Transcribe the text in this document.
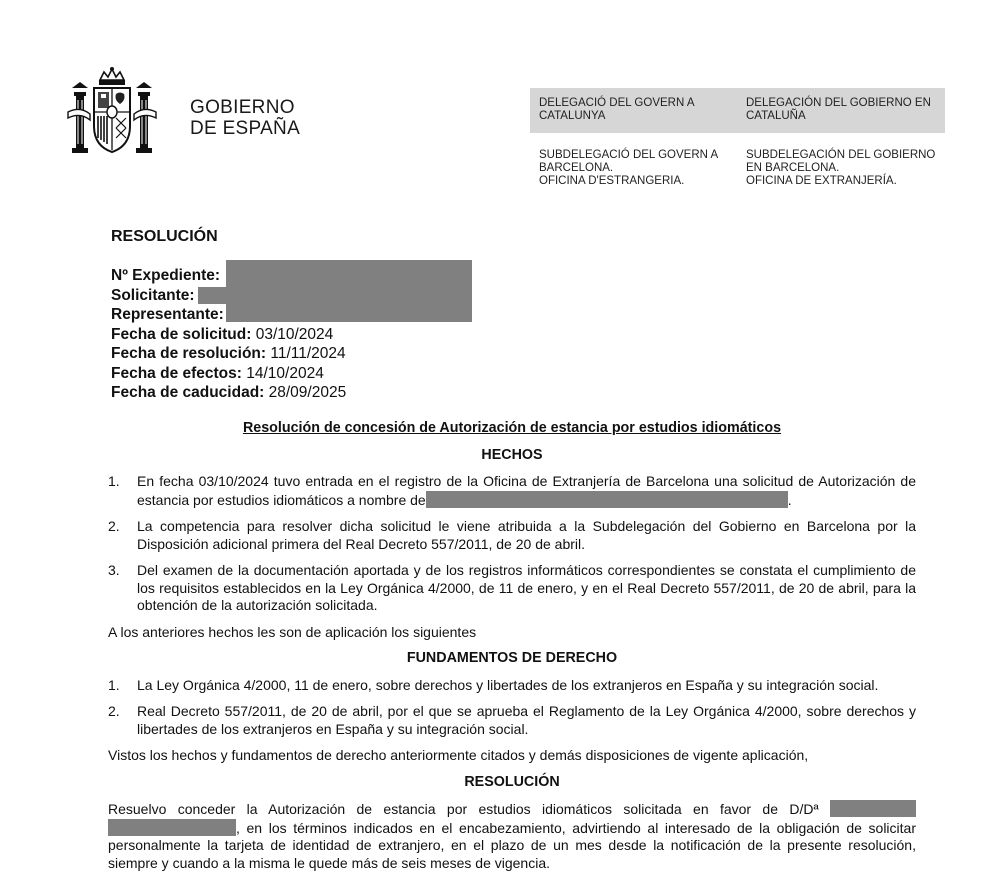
GOBIERNO
DE ESPAÑA
DELEGACIÓ DEL GOVERN A
CATALUNYA
DELEGACIÓN DEL GOBIERNO EN
CATALUÑA
SUBDELEGACIÓ DEL GOVERN A
BARCELONA.
OFICINA D'ESTRANGERIA.
SUBDELEGACIÓN DEL GOBIERNO
EN BARCELONA.
OFICINA DE EXTRANJERÍA.
RESOLUCIÓN
Nº Expediente:
Solicitante:
Representante:
Fecha de solicitud: 03/10/2024
Fecha de resolución: 11/11/2024
Fecha de efectos: 14/10/2024
Fecha de caducidad: 28/09/2025
Resolución de concesión de Autorización de estancia por estudios idiomáticos
HECHOS
1. En fecha 03/10/2024 tuvo entrada en el registro de la Oficina de Extranjería de Barcelona una solicitud de Autorización de estancia por estudios idiomáticos a nombre de	.
2. La competencia para resolver dicha solicitud le viene atribuida a la Subdelegación del Gobierno en Barcelona por la Disposición adicional primera del Real Decreto 557/2011, de 20 de abril.
3. Del examen de la documentación aportada y de los registros informáticos correspondientes se constata el cumplimiento de los requisitos establecidos en la Ley Orgánica 4/2000, de 11 de enero, y en el Real Decreto 557/2011, de 20 de abril, para la obtención de la autorización solicitada.
A los anteriores hechos les son de aplicación los siguientes
FUNDAMENTOS DE DERECHO
1. La Ley Orgánica 4/2000, 11 de enero, sobre derechos y libertades de los extranjeros en España y su integración social.
2. Real Decreto 557/2011, de 20 de abril, por el que se aprueba el Reglamento de la Ley Orgánica 4/2000, sobre derechos y libertades de los extranjeros en España y su integración social.
Vistos los hechos y fundamentos de derecho anteriormente citados y demás disposiciones de vigente aplicación,
RESOLUCIÓN
Resuelvo conceder la Autorización de estancia por estudios idiomáticos solicitada en favor de D/Dª  , en los términos indicados en el encabezamiento, advirtiendo al interesado de la obligación de solicitar personalmente la tarjeta de identidad de extranjero, en el plazo de un mes desde la notificación de la presente resolución, siempre y cuando a la misma le quede más de seis meses de vigencia.
